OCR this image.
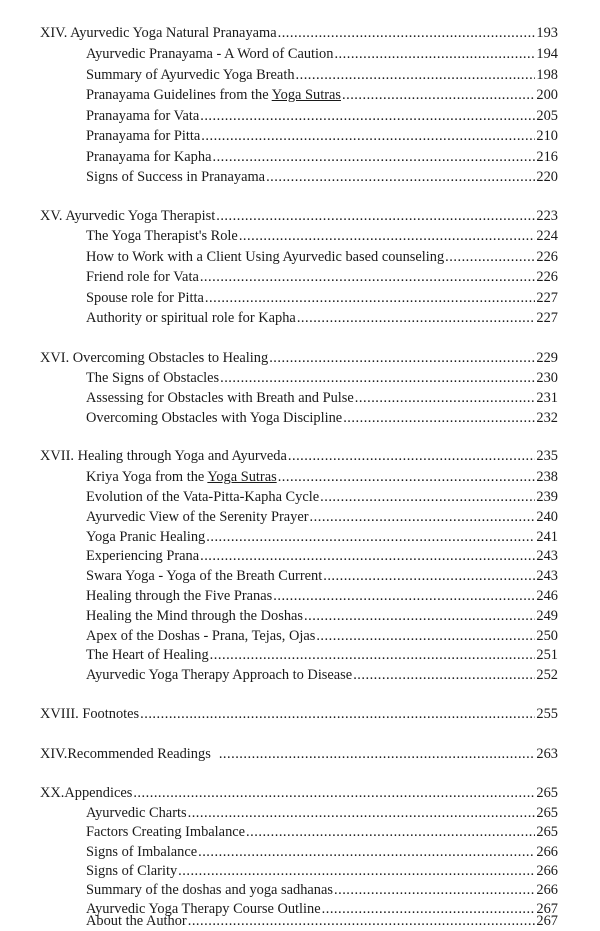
XIV. Ayurvedic Yoga Natural Pranayama .....	193
Ayurvedic Pranayama - A Word of Caution .....	194
Summary of Ayurvedic Yoga Breath .....	198
Pranayama Guidelines from the Yoga Sutras .....	200
Pranayama for Vata .....	205
Pranayama for Pitta .....	210
Pranayama for Kapha .....	216
Signs of Success in Pranayama .....	220
XV. Ayurvedic Yoga Therapist .....	223
The Yoga Therapist's Role .....	224
How to Work with a Client Using Ayurvedic based counseling .....	226
Friend role for Vata .....	226
Spouse role for Pitta .....	227
Authority or spiritual role for Kapha .....	227
XVI. Overcoming Obstacles to Healing .....	229
The Signs of Obstacles .....	230
Assessing for Obstacles with Breath and Pulse .....	231
Overcoming Obstacles with Yoga Discipline .....	232
XVII. Healing through Yoga and Ayurveda .....	235
Kriya Yoga from the Yoga Sutras .....	238
Evolution of the Vata-Pitta-Kapha Cycle .....	239
Ayurvedic View of the Serenity Prayer .....	240
Yoga Pranic Healing .....	241
Experiencing Prana .....	243
Swara Yoga - Yoga of the Breath Current .....	243
Healing through the Five Pranas .....	246
Healing the Mind through the Doshas .....	249
Apex of the Doshas - Prana, Tejas, Ojas .....	250
The Heart of Healing .....	251
Ayurvedic Yoga Therapy Approach to Disease .....	252
XVIII. Footnotes .....	255
XIV. Recommended Readings .....	263
XX. Appendices .....	265
Ayurvedic Charts .....	265
Factors Creating Imbalance .....	265
Signs of Imbalance .....	266
Signs of Clarity .....	266
Summary of the doshas and yoga sadhanas .....	266
Ayurvedic Yoga Therapy Course Outline .....	267
About the Author .....	267
